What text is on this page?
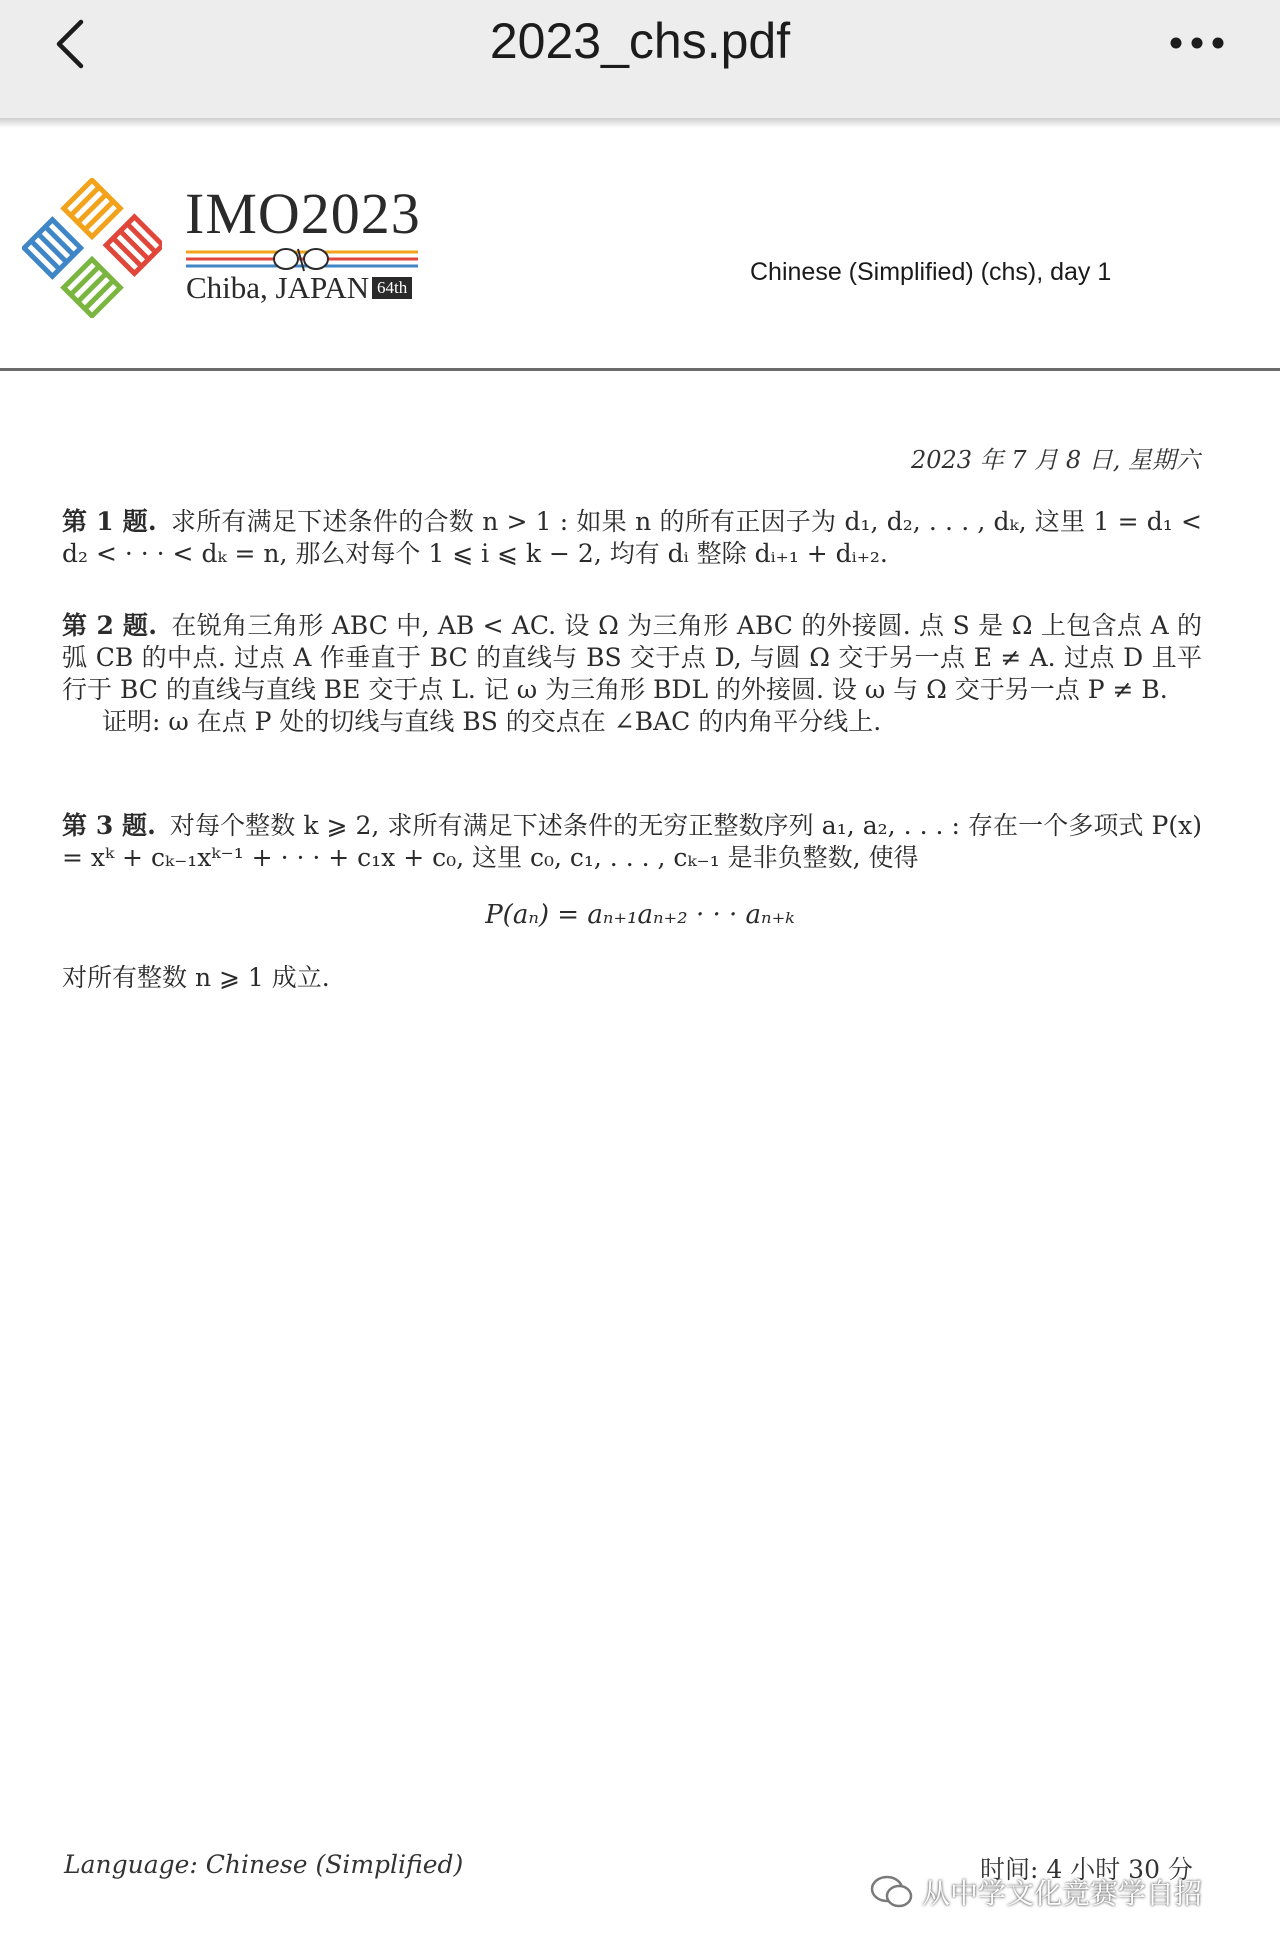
2023_chs.pdf
IMO2023
Chiba, JAPAN 64th
Chinese (Simplified) (chs), day 1
2023 年 7 月 8 日, 星期六
第 1 题. 求所有满足下述条件的合数 n > 1 : 如果 n 的所有正因子为 d₁, d₂, . . . , dₖ, 这里 1 = d₁ < d₂ < · · · < dₖ = n, 那么对每个 1 ⩽ i ⩽ k − 2, 均有 dᵢ 整除 dᵢ₊₁ + dᵢ₊₂.
第 2 题. 在锐角三角形 ABC 中, AB < AC. 设 Ω 为三角形 ABC 的外接圆. 点 S 是 Ω 上包含点 A 的弧 CB 的中点. 过点 A 作垂直于 BC 的直线与 BS 交于点 D, 与圆 Ω 交于另一点 E ≠ A. 过点 D 且平行于 BC 的直线与直线 BE 交于点 L. 记 ω 为三角形 BDL 的外接圆. 设 ω 与 Ω 交于另一点 P ≠ B.
证明: ω 在点 P 处的切线与直线 BS 的交点在 ∠BAC 的内角平分线上.
第 3 题. 对每个整数 k ⩾ 2, 求所有满足下述条件的无穷正整数序列 a₁, a₂, . . . : 存在一个多项式 P(x) = xᵏ + cₖ₋₁xᵏ⁻¹ + · · · + c₁x + c₀, 这里 c₀, c₁, . . . , cₖ₋₁ 是非负整数, 使得
P(aₙ) = aₙ₊₁aₙ₊₂ · · · aₙ₊ₖ
对所有整数 n ⩾ 1 成立.
Language: Chinese (Simplified)	时间: 4 小时 30 分
从中学文化竞赛学自招
